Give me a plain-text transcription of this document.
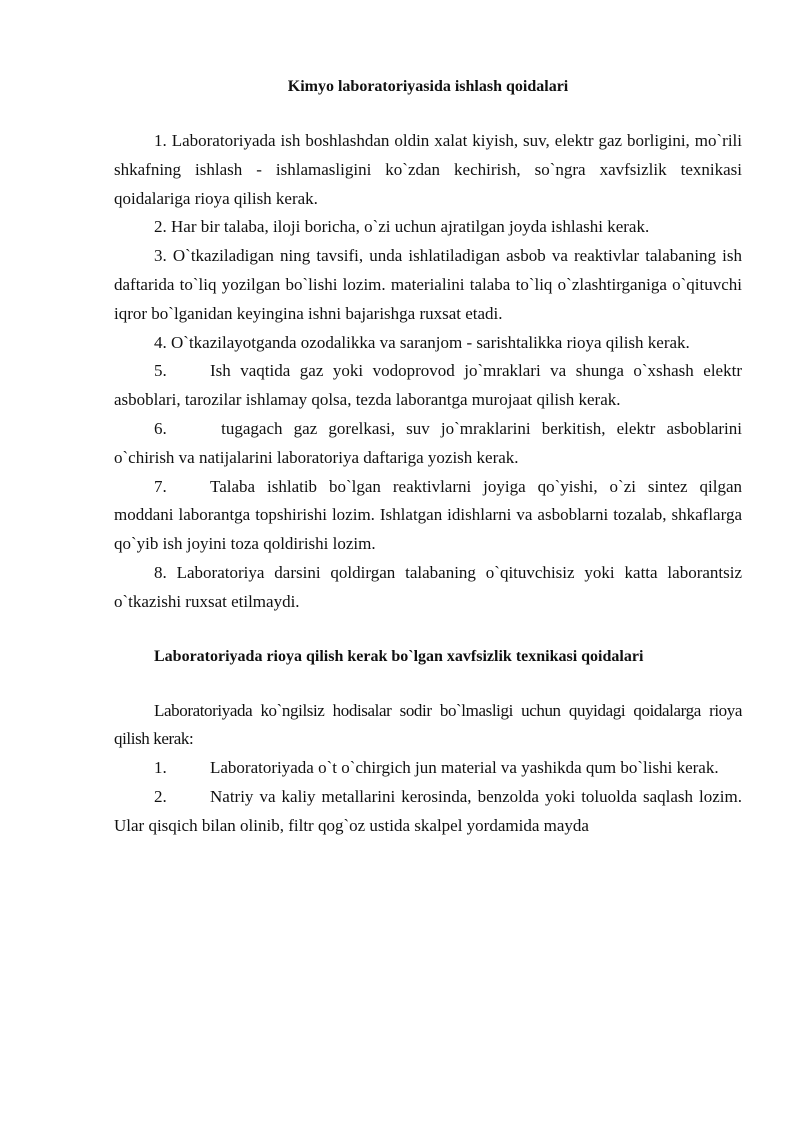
Kimyo laboratoriyasida ishlash qoidalari

1. Laboratoriyada ish boshlashdan oldin xalat kiyish, suv, elektr gaz borligini, mo`rili shkafning ishlash - ishlamasligini ko`zdan kechirish, so`ngra xavfsizlik texnikasi qoidalariga rioya qilish kerak.

2. Har bir talaba, iloji boricha, o`zi uchun ajratilgan joyda ishlashi kerak.

3. O`tkaziladigan ning tavsifi, unda ishlatiladigan asbob va reaktivlar talabaning ish daftarida to`liq yozilgan bo`lishi lozim. materialini talaba to`liq o`zlashtirganiga o`qituvchi iqror bo`lganidan keyingina ishni bajarishga ruxsat etadi.

4. O`tkazilayotganda ozodalikka va saranjom - sarishtalikka rioya qilish kerak.

5.	Ish vaqtida gaz yoki vodoprovod jo`mraklari va shunga o`xshash elektr asboblari, tarozilar ishlamay qolsa, tezda laborantga murojaat qilish kerak.

6.	tugagach gaz gorelkasi, suv jo`mraklarini berkitish, elektr asboblarini o`chirish va natijalarini laboratoriya daftariga yozish kerak.

7.	Talaba ishlatib bo`lgan reaktivlarni joyiga qo`yishi, o`zi sintez qilgan moddani laborantga topshirishi lozim. Ishlatgan idishlarni va asboblarni tozalab, shkaflarga qo`yib ish joyini toza qoldirishi lozim.

8. Laboratoriya darsini qoldirgan talabaning o`qituvchisiz yoki katta laborantsiz o`tkazishi ruxsat etilmaydi.

Laboratoriyada rioya qilish kerak bo`lgan xavfsizlik texnikasi qoidalari

Laboratoriyada ko`ngilsiz hodisalar sodir bo`lmasligi uchun quyidagi qoidalarga rioya qilish kerak:

1.	Laboratoriyada o`t o`chirgich jun material va yashikda qum bo`lishi kerak.

2.	Natriy va kaliy metallarini kerosinda, benzolda yoki toluolda saqlash lozim. Ular qisqich bilan olinib, filtr qog`oz ustida skalpel yordamida mayda
